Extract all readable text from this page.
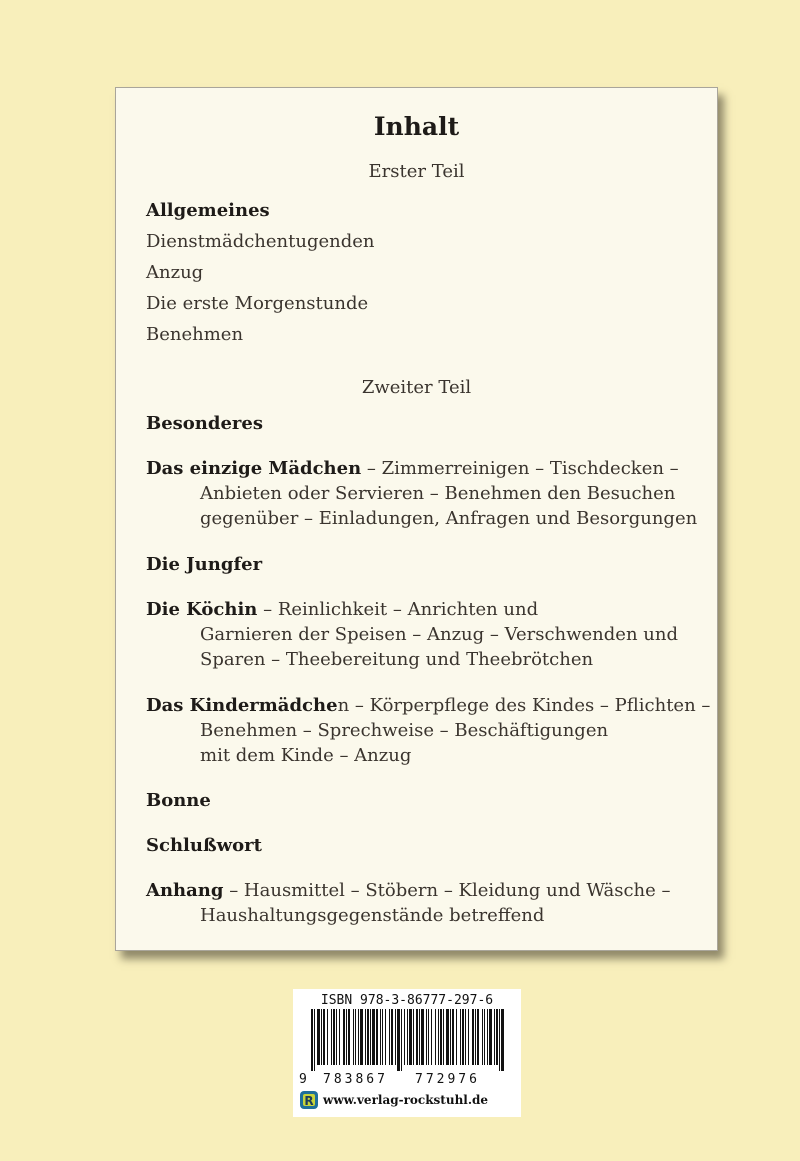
Inhalt
Erster Teil
Allgemeines
Dienstmädchentugenden
Anzug
Die erste Morgenstunde
Benehmen
Zweiter Teil
Besonderes
Das einzige Mädchen – Zimmerreinigen – Tischdecken –
Anbieten oder Servieren – Benehmen den Besuchen
gegenüber – Einladungen, Anfragen und Besorgungen
Die Jungfer
Die Köchin – Reinlichkeit – Anrichten und
Garnieren der Speisen – Anzug – Verschwenden und
Sparen – Theebereitung und Theebrötchen
Das Kindermädchen – Körperpflege des Kindes – Pflichten –
Benehmen – Sprechweise – Beschäftigungen
mit dem Kinde – Anzug
Bonne
Schlußwort
Anhang – Hausmittel – Stöbern – Kleidung und Wäsche –
Haushaltungsgegenstände betreffend
ISBN 978-3-86777-297-6
9 783867 772976
R www.verlag-rockstuhl.de
